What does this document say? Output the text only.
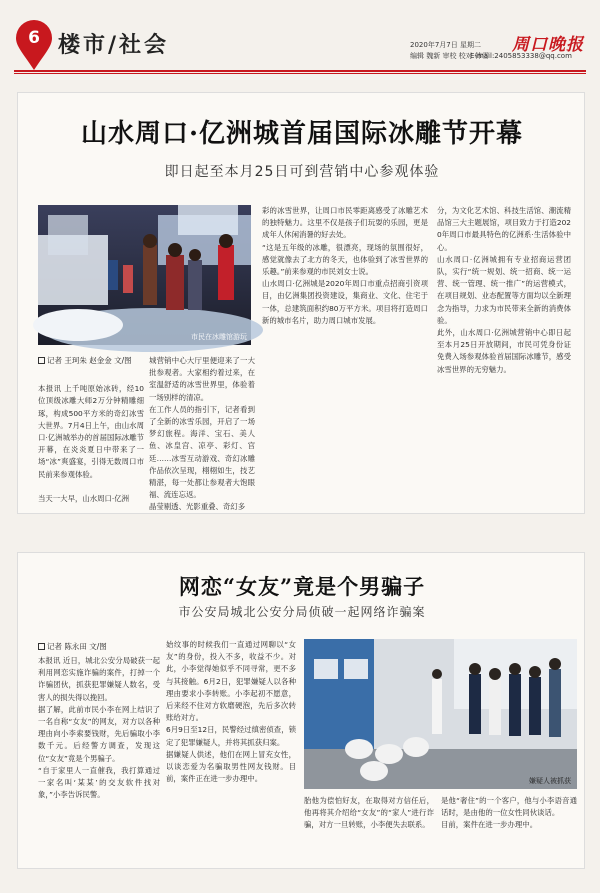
6 楼市/社会	2020年7月7日 星期二
编辑 魏新 审校 校对 韩雪
E-mail:2405853338@qq.com
周口晚报
山水周口·亿洲城首届国际冰雕节开幕
即日起至本月25日可到营销中心参观体验
市民在冰雕馆游玩
记者 王珂朱 赵金金 文/图

本报讯 上千吨原始冰砖，经10位顶级冰雕大师2万分钟精雕细琢，构成500平方米的奇幻冰雪大世界。7月4日上午，由山水周口·亿洲城举办的首届国际冰雕节开幕，在炎炎夏日中带来了一场“冰”爽盛宴，引得无数周口市民前来参观体验。

当天一大早，山水周口·亿洲

城营销中心大厅里便迎来了一大批参观者。大家相约着过来，在室温舒适的冰雪世界里，体验着一场别样的清凉。
在工作人员的指引下，记者看到了全新的冰雪乐园，开启了一场梦幻旅程。海洋、宝石、美人鱼、冰皇宫、凉亭、彩灯、宫廷……冰雪互动游戏、奇幻冰雕作品依次呈现，栩栩如生，技艺精湛，每一处都让参观者大饱眼福、流连忘返。
晶莹剔透、光影重叠、奇幻多
彩的冰雪世界，让周口市民零距离感受了冰雕艺术的独特魅力。这里不仅是孩子们玩耍的乐园，更是成年人休闲消暑的好去处。
“这是五年级的冰雕，很漂亮，现场的氛围很好，感觉就像去了北方的冬天，也体验到了冰雪世界的乐趣。”前来参观的市民刘女士说。
山水周口·亿洲城是2020年周口市重点招商引资项目，由亿洲集团投资建设，集商业、文化、住宅于一体，总建筑面积约80万平方米。项目将打造周口新的城市名片，助力周口城市发展。
分，为文化艺术馆、科技生活馆、潮流精品馆三大主题展馆，项目致力于打造2020年周口市最具特色的亿洲系·生活体验中心。
山水周口·亿洲城拥有专业招商运营团队，实行“统一规划、统一招商、统一运营、统一管理、统一推广”的运营模式，在项目规划、业态配置等方面均以全新理念为指导，力求为市民带来全新的消费体验。
此外，山水周口·亿洲城营销中心即日起至本月25日开放期间，市民可凭身份证免费入场参观体验首届国际冰雕节，感受冰雪世界的无穷魅力。
网恋“女友”竟是个男骗子
市公安局城北公安分局侦破一起网络诈骗案
记者 陈永田 文/图
本报讯 近日，城北公安分局破获一起利用网恋实施诈骗的案件，打掉一个诈骗团伙，抓获犯罪嫌疑人数名，受害人的损失得以挽回。
据了解，此前市民小李在网上结识了一名自称“女友”的网友，对方以各种理由向小李索要钱财，先后骗取小李数千元。后经警方调查，发现这位“女友”竟是个男骗子。
“自于家里人一直催我，我打算通过一家名叫‘某某’的交友软件找对象，”小李告诉民警。
始纹事的时候我们一直通过网聊以“女友”的身份，投入不多，收益不少。对此，小李觉得她似乎不同寻常，更不多与其接触。6月2日，犯罪嫌疑人以各种理由要求小李转账。小李起初不愿意，后来经不住对方软磨硬泡，先后多次转账给对方。
6月9日至12日，民警经过缜密侦查，锁定了犯罪嫌疑人，并将其抓获归案。
据嫌疑人供述，他们在网上冒充女性，以谈恋爱为名骗取男性网友钱财。目前，案件正在进一步办理中。	嫌疑人被抓获
胎他为偿怕好友，在取得对方信任后，他再将其介绍给“女友”的“家人”进行诈骗，对方一旦转账，小李便失去联系。
是他“奢住”的一个客户，他与小李语音通话时，是由他的一位女性同伙谈话。
目前，案件在进一步办理中。
